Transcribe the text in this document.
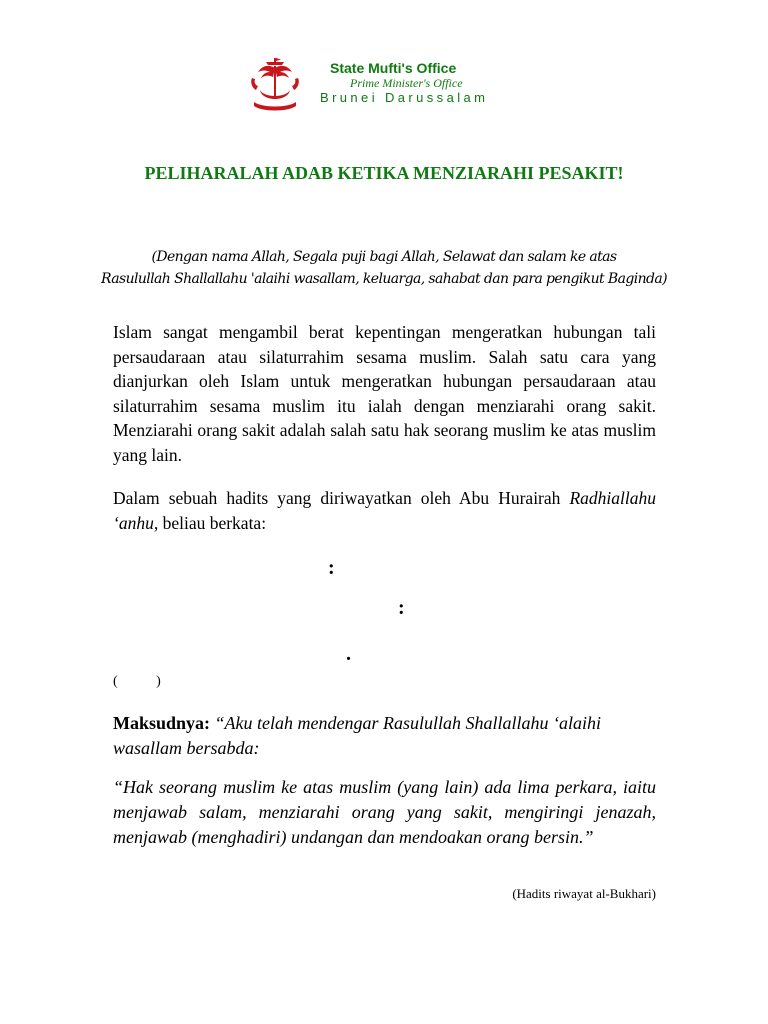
State Mufti's Office
Prime Minister's Office
Brunei Darussalam
PELIHARALAH ADAB KETIKA MENZIARAHI PESAKIT!
(Dengan nama Allah, Segala puji bagi Allah, Selawat dan salam ke atas
Rasulullah Shallallahu 'alaihi wasallam, keluarga, sahabat dan para pengikut Baginda)
Islam sangat mengambil berat kepentingan mengeratkan hubungan tali persaudaraan atau silaturrahim sesama muslim. Salah satu cara yang dianjurkan oleh Islam untuk mengeratkan hubungan persaudaraan atau silaturrahim sesama muslim itu ialah dengan menziarahi orang sakit. Menziarahi orang sakit adalah salah satu hak seorang muslim ke atas muslim yang lain.
Dalam sebuah hadits yang diriwayatkan oleh Abu Hurairah Radhiallahu ‘anhu, beliau berkata:
:
:
.
(           )
Maksudnya: “Aku telah mendengar Rasulullah Shallallahu ‘alaihi wasallam bersabda:
“Hak seorang muslim ke atas muslim (yang lain) ada lima perkara, iaitu menjawab salam, menziarahi orang yang sakit, mengiringi jenazah, menjawab (menghadiri) undangan dan mendoakan orang bersin.”
(Hadits riwayat al-Bukhari)
